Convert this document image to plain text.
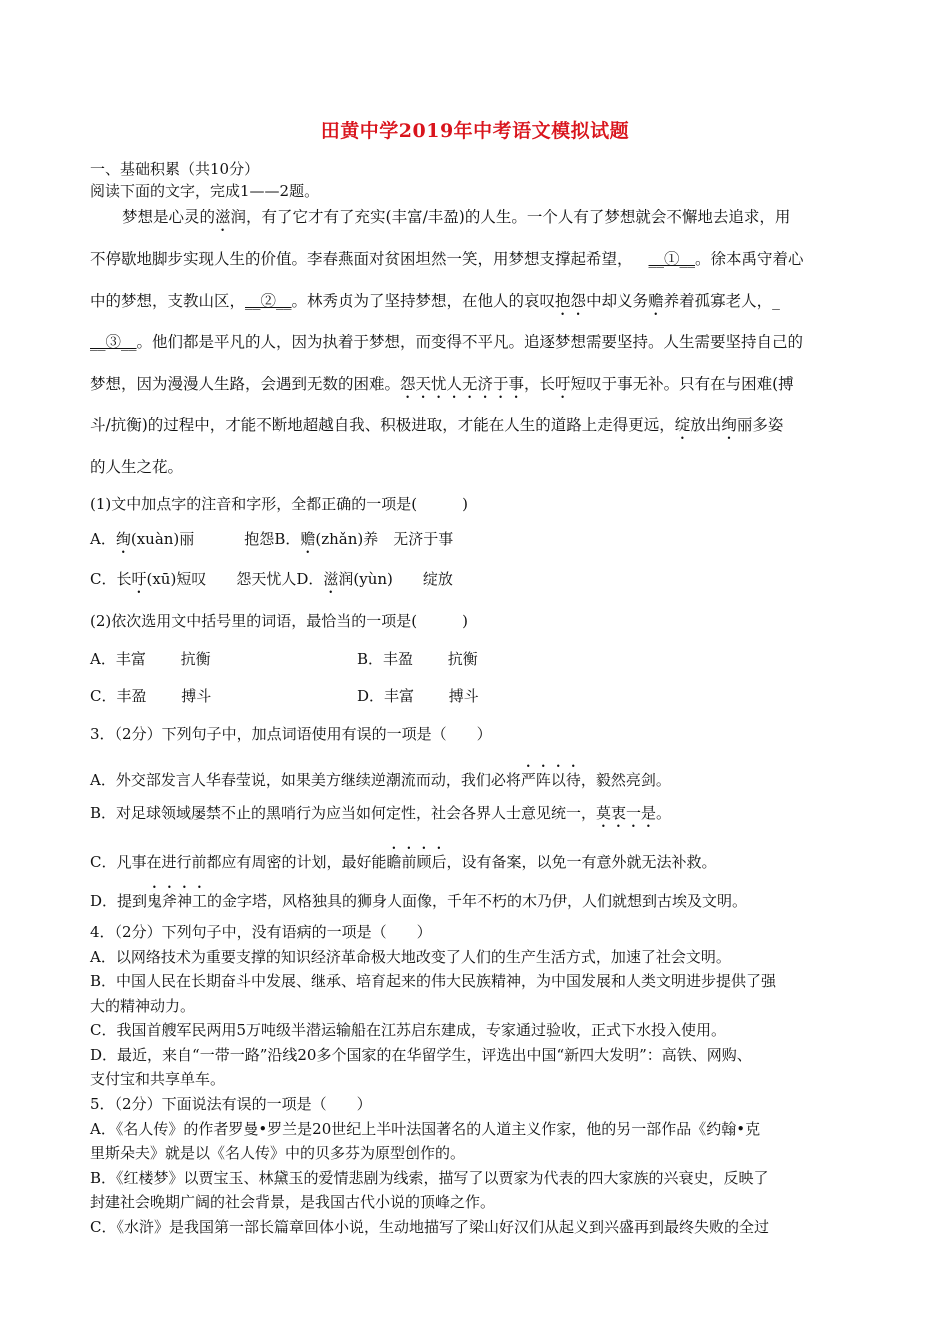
田黄中学2019年中考语文模拟试题
一、基础积累（共10分）
阅读下面的文字，完成1——2题。
梦想是心灵的滋润，有了它才有了充实(丰富/丰盈)的人生。一个人有了梦想就会不懈地去追求，用
不停歇地脚步实现人生的价值。李春燕面对贫困坦然一笑，用梦想支撑起希望， __①__。徐本禹守着心
中的梦想，支教山区，__②__。林秀贞为了坚持梦想，在他人的哀叹抱怨中却义务赡养着孤寡老人，_
__③__。他们都是平凡的人，因为执着于梦想，而变得不平凡。追逐梦想需要坚持。人生需要坚持自己的
梦想，因为漫漫人生路，会遇到无数的困难。怨天忧人无济于事，长吁短叹于事无补。只有在与困难(搏
斗/抗衡)的过程中，才能不断地超越自我、积极进取，才能在人生的道路上走得更远，绽放出绚丽多姿
的人生之花。
(1)文中加点字的注音和字形，全都正确的一项是(　　　)
A．绚(xuàn)丽	抱怨B．赡(zhǎn)养　无济于事
C．长吁(xū)短叹　　怨天忧人D．滋润(yùn)　　绽放
(2)依次选用文中括号里的词语，最恰当的一项是(　　　)
A．丰富　　 抗衡	B．丰盈　　 抗衡
C．丰盈　　 搏斗	D．丰富　　 搏斗
3．（2分）下列句子中，加点词语使用有误的一项是（　　）
A．外交部发言人华春莹说，如果美方继续逆潮流而动，我们必将严阵以待，毅然亮剑。
B．对足球领域屡禁不止的黑哨行为应当如何定性，社会各界人士意见统一，莫衷一是。
C．凡事在进行前都应有周密的计划，最好能瞻前顾后，设有备案，以免一有意外就无法补救。
D．提到鬼斧神工的金字塔，风格独具的狮身人面像，千年不朽的木乃伊，人们就想到古埃及文明。
4．（2分）下列句子中，没有语病的一项是（　　）
A．以网络技术为重要支撑的知识经济革命极大地改变了人们的生产生活方式，加速了社会文明。
B．中国人民在长期奋斗中发展、继承、培育起来的伟大民族精神，为中国发展和人类文明进步提供了强
大的精神动力。
C．我国首艘军民两用5万吨级半潜运输船在江苏启东建成，专家通过验收，正式下水投入使用。
D．最近，来自“一带一路”沿线20多个国家的在华留学生，评选出中国“新四大发明”：高铁、网购、
支付宝和共享单车。
5．（2分）下面说法有误的一项是（　　）
A．《名人传》的作者罗曼•罗兰是20世纪上半叶法国著名的人道主义作家，他的另一部作品《约翰•克
里斯朵夫》就是以《名人传》中的贝多芬为原型创作的。
B．《红楼梦》以贾宝玉、林黛玉的爱情悲剧为线索，描写了以贾家为代表的四大家族的兴衰史，反映了
封建社会晚期广阔的社会背景，是我国古代小说的顶峰之作。
C．《水浒》是我国第一部长篇章回体小说，生动地描写了梁山好汉们从起义到兴盛再到最终失败的全过
